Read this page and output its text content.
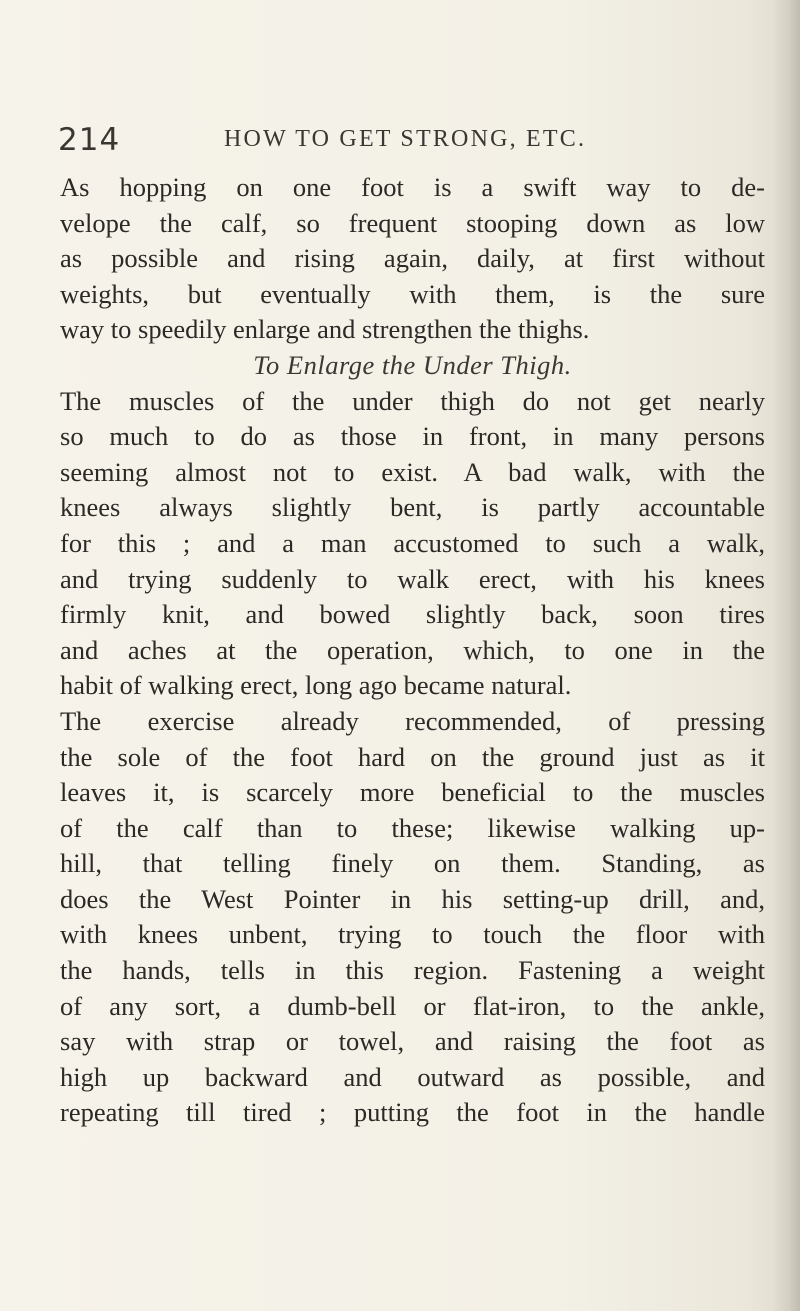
214	HOW TO GET STRONG, ETC.
As hopping on one foot is a swift way to de-
velope the calf, so frequent stooping down as low
as possible and rising again, daily, at first without
weights, but eventually with them, is the sure
way to speedily enlarge and strengthen the thighs.
To Enlarge the Under Thigh.
The muscles of the under thigh do not get nearly
so much to do as those in front, in many persons
seeming almost not to exist. A bad walk, with the
knees always slightly bent, is partly accountable
for this ; and a man accustomed to such a walk,
and trying suddenly to walk erect, with his knees
firmly knit, and bowed slightly back, soon tires
and aches at the operation, which, to one in the
habit of walking erect, long ago became natural.
The exercise already recommended, of pressing
the sole of the foot hard on the ground just as it
leaves it, is scarcely more beneficial to the muscles
of the calf than to these; likewise walking up-
hill, that telling finely on them. Standing, as
does the West Pointer in his setting-up drill, and,
with knees unbent, trying to touch the floor with
the hands, tells in this region. Fastening a weight
of any sort, a dumb-bell or flat-iron, to the ankle,
say with strap or towel, and raising the foot as
high up backward and outward as possible, and
repeating till tired ; putting the foot in the handle
